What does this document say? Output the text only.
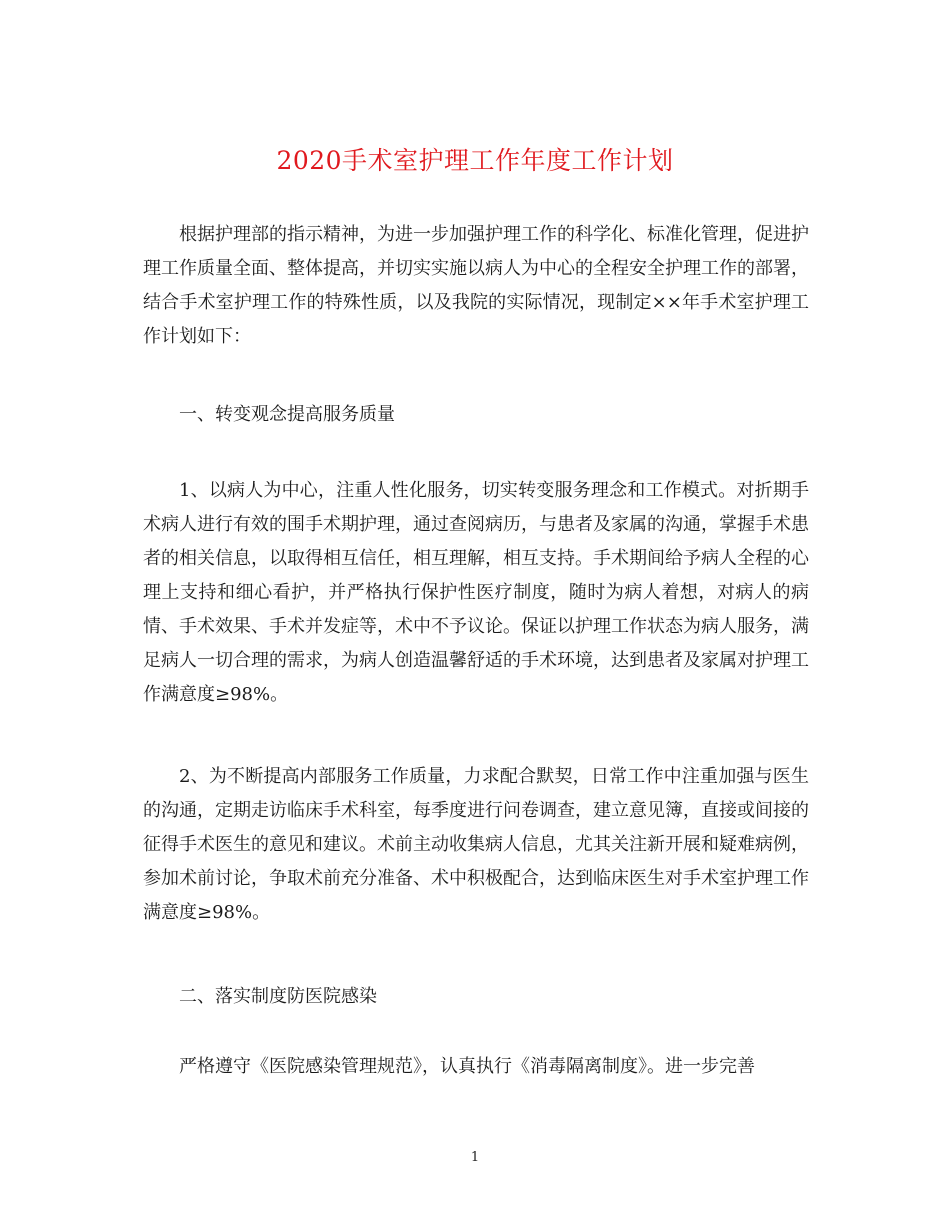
2020手术室护理工作年度工作计划

根据护理部的指示精神，为进一步加强护理工作的科学化、标准化管理，促进护理工作质量全面、整体提高，并切实实施以病人为中心的全程安全护理工作的部署，结合手术室护理工作的特殊性质，以及我院的实际情况，现制定××年手术室护理工作计划如下：

一、转变观念提高服务质量

1、以病人为中心，注重人性化服务，切实转变服务理念和工作模式。对折期手术病人进行有效的围手术期护理，通过查阅病历，与患者及家属的沟通，掌握手术患者的相关信息，以取得相互信任，相互理解，相互支持。手术期间给予病人全程的心理上支持和细心看护，并严格执行保护性医疗制度，随时为病人着想，对病人的病情、手术效果、手术并发症等，术中不予议论。保证以护理工作状态为病人服务，满足病人一切合理的需求，为病人创造温馨舒适的手术环境，达到患者及家属对护理工作满意度≥98%。

2、为不断提高内部服务工作质量，力求配合默契，日常工作中注重加强与医生的沟通，定期走访临床手术科室，每季度进行问卷调查，建立意见簿，直接或间接的征得手术医生的意见和建议。术前主动收集病人信息，尤其关注新开展和疑难病例，参加术前讨论，争取术前充分准备、术中积极配合，达到临床医生对手术室护理工作满意度≥98%。

二、落实制度防医院感染

严格遵守《医院感染管理规范》，认真执行《消毒隔离制度》。进一步完善

1
